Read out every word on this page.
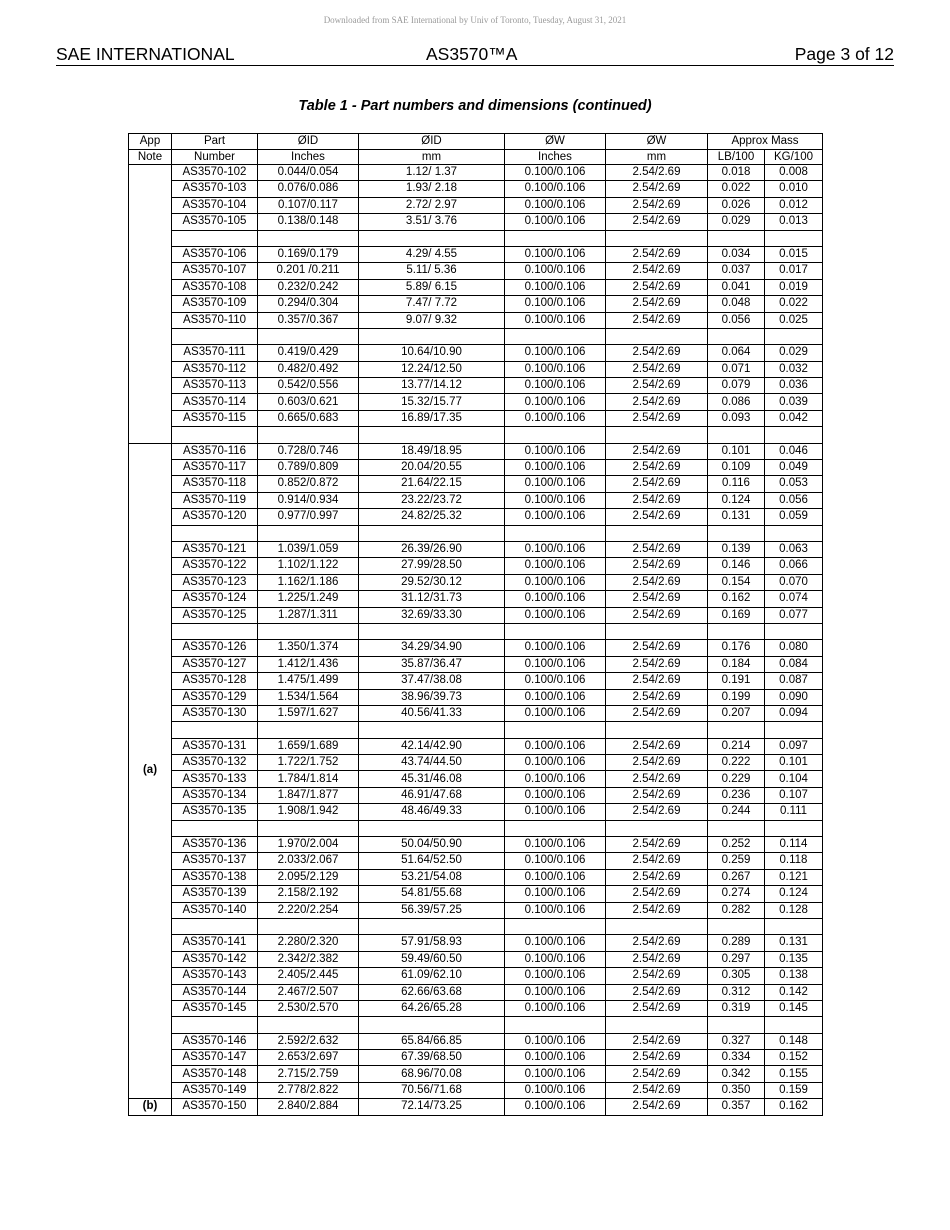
Downloaded from SAE International by Univ of Toronto, Tuesday, August 31, 2021
SAE INTERNATIONAL	AS3570™A	Page 3 of 12
Table 1 - Part numbers and dimensions (continued)
App	Part	ØID	ØID	ØW	ØW	Approx Mass	
Note	Number	Inches	mm	Inches	mm	LB/100	KG/100
	AS3570-102	0.044/0.054	1.12/ 1.37	0.100/0.106	2.54/2.69	0.018	0.008
	AS3570-103	0.076/0.086	1.93/ 2.18	0.100/0.106	2.54/2.69	0.022	0.010
	AS3570-104	0.107/0.117	2.72/ 2.97	0.100/0.106	2.54/2.69	0.026	0.012
	AS3570-105	0.138/0.148	3.51/ 3.76	0.100/0.106	2.54/2.69	0.029	0.013

	AS3570-106	0.169/0.179	4.29/ 4.55	0.100/0.106	2.54/2.69	0.034	0.015
	AS3570-107	0.201 /0.211	5.11/ 5.36	0.100/0.106	2.54/2.69	0.037	0.017
	AS3570-108	0.232/0.242	5.89/ 6.15	0.100/0.106	2.54/2.69	0.041	0.019
	AS3570-109	0.294/0.304	7.47/ 7.72	0.100/0.106	2.54/2.69	0.048	0.022
	AS3570-110	0.357/0.367	9.07/ 9.32	0.100/0.106	2.54/2.69	0.056	0.025

	AS3570-111	0.419/0.429	10.64/10.90	0.100/0.106	2.54/2.69	0.064	0.029
	AS3570-112	0.482/0.492	12.24/12.50	0.100/0.106	2.54/2.69	0.071	0.032
	AS3570-113	0.542/0.556	13.77/14.12	0.100/0.106	2.54/2.69	0.079	0.036
	AS3570-114	0.603/0.621	15.32/15.77	0.100/0.106	2.54/2.69	0.086	0.039
	AS3570-115	0.665/0.683	16.89/17.35	0.100/0.106	2.54/2.69	0.093	0.042

(a)	AS3570-116	0.728/0.746	18.49/18.95	0.100/0.106	2.54/2.69	0.101	0.046
	AS3570-117	0.789/0.809	20.04/20.55	0.100/0.106	2.54/2.69	0.109	0.049
	AS3570-118	0.852/0.872	21.64/22.15	0.100/0.106	2.54/2.69	0.116	0.053
	AS3570-119	0.914/0.934	23.22/23.72	0.100/0.106	2.54/2.69	0.124	0.056
	AS3570-120	0.977/0.997	24.82/25.32	0.100/0.106	2.54/2.69	0.131	0.059

	AS3570-121	1.039/1.059	26.39/26.90	0.100/0.106	2.54/2.69	0.139	0.063
	AS3570-122	1.102/1.122	27.99/28.50	0.100/0.106	2.54/2.69	0.146	0.066
	AS3570-123	1.162/1.186	29.52/30.12	0.100/0.106	2.54/2.69	0.154	0.070
	AS3570-124	1.225/1.249	31.12/31.73	0.100/0.106	2.54/2.69	0.162	0.074
	AS3570-125	1.287/1.311	32.69/33.30	0.100/0.106	2.54/2.69	0.169	0.077

	AS3570-126	1.350/1.374	34.29/34.90	0.100/0.106	2.54/2.69	0.176	0.080
	AS3570-127	1.412/1.436	35.87/36.47	0.100/0.106	2.54/2.69	0.184	0.084
	AS3570-128	1.475/1.499	37.47/38.08	0.100/0.106	2.54/2.69	0.191	0.087
	AS3570-129	1.534/1.564	38.96/39.73	0.100/0.106	2.54/2.69	0.199	0.090
	AS3570-130	1.597/1.627	40.56/41.33	0.100/0.106	2.54/2.69	0.207	0.094

	AS3570-131	1.659/1.689	42.14/42.90	0.100/0.106	2.54/2.69	0.214	0.097
	AS3570-132	1.722/1.752	43.74/44.50	0.100/0.106	2.54/2.69	0.222	0.101
	AS3570-133	1.784/1.814	45.31/46.08	0.100/0.106	2.54/2.69	0.229	0.104
	AS3570-134	1.847/1.877	46.91/47.68	0.100/0.106	2.54/2.69	0.236	0.107
	AS3570-135	1.908/1.942	48.46/49.33	0.100/0.106	2.54/2.69	0.244	0.111

	AS3570-136	1.970/2.004	50.04/50.90	0.100/0.106	2.54/2.69	0.252	0.114
	AS3570-137	2.033/2.067	51.64/52.50	0.100/0.106	2.54/2.69	0.259	0.118
	AS3570-138	2.095/2.129	53.21/54.08	0.100/0.106	2.54/2.69	0.267	0.121
	AS3570-139	2.158/2.192	54.81/55.68	0.100/0.106	2.54/2.69	0.274	0.124
	AS3570-140	2.220/2.254	56.39/57.25	0.100/0.106	2.54/2.69	0.282	0.128

	AS3570-141	2.280/2.320	57.91/58.93	0.100/0.106	2.54/2.69	0.289	0.131
	AS3570-142	2.342/2.382	59.49/60.50	0.100/0.106	2.54/2.69	0.297	0.135
	AS3570-143	2.405/2.445	61.09/62.10	0.100/0.106	2.54/2.69	0.305	0.138
	AS3570-144	2.467/2.507	62.66/63.68	0.100/0.106	2.54/2.69	0.312	0.142
	AS3570-145	2.530/2.570	64.26/65.28	0.100/0.106	2.54/2.69	0.319	0.145

	AS3570-146	2.592/2.632	65.84/66.85	0.100/0.106	2.54/2.69	0.327	0.148
	AS3570-147	2.653/2.697	67.39/68.50	0.100/0.106	2.54/2.69	0.334	0.152
	AS3570-148	2.715/2.759	68.96/70.08	0.100/0.106	2.54/2.69	0.342	0.155
	AS3570-149	2.778/2.822	70.56/71.68	0.100/0.106	2.54/2.69	0.350	0.159
(b)	AS3570-150	2.840/2.884	72.14/73.25	0.100/0.106	2.54/2.69	0.357	0.162
